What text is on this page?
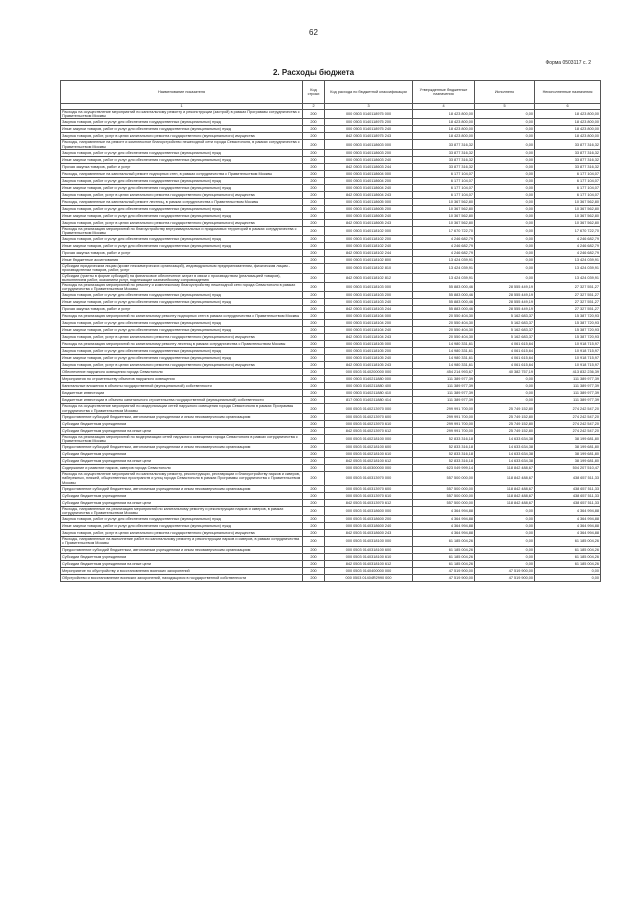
62
Форма 0503117 с. 2
2. Расходы бюджета
Наименование показателя	Код строки	Код расхода по бюджетной классификации	Утвержденные бюджетные назначения	Исполнено	Неисполненные назначения
1	2	3	4	5	6
Расходы на осуществление мероприятий по капитальному ремонту и реконструкции (застрой) в рамках Программы сотрудничества с Правительством Москвы	200	000 0503 0140118975 000	18 423 800,00	0,00	18 423 800,00
Закупка товаров, работ и услуг для обеспечения государственных (муниципальных) нужд	200	000 0503 0140118975 200	18 423 800,00	0,00	18 423 800,00
Иные закупки товаров, работ и услуг для обеспечения государственных (муниципальных) нужд	200	000 0503 0140118975 240	18 423 800,00	0,00	18 423 800,00
Закупка товаров, работ, услуг в целях капитального ремонта государственного (муниципального) имущества	200	842 0503 0140118975 243	18 423 800,00	0,00	18 423 800,00
Расходы, направленные на ремонт и комплексное благоустройство пешеходной сети города Севастополя, в рамках сотрудничества с Правительством Москвы	200	000 0503 0140118603 000	33 877 316,32	0,00	33 877 316,32
Закупка товаров, работ и услуг для обеспечения государственных (муниципальных) нужд	200	000 0503 0140118603 200	33 877 316,32	0,00	33 877 316,32
Иные закупки товаров, работ и услуг для обеспечения государственных (муниципальных) нужд	200	000 0503 0140118603 240	33 877 316,32	0,00	33 877 316,32
Прочая закупка товаров, работ и услуг	200	842 0503 0140118603 244	33 877 316,32	0,00	33 877 316,32
Расходы, направленные на капитальный ремонт подпорных стен, в рамках сотрудничества с Правительством Москвы	200	000 0503 0140118604 000	6 177 104,07	0,00	6 177 104,07
Закупка товаров, работ и услуг для обеспечения государственных (муниципальных) нужд	200	000 0503 0140118604 200	6 177 104,07	0,00	6 177 104,07
Иные закупки товаров, работ и услуг для обеспечения государственных (муниципальных) нужд	200	000 0503 0140118604 240	6 177 104,07	0,00	6 177 104,07
Закупка товаров, работ, услуг в целях капитального ремонта государственного (муниципального) имущества	200	842 0503 0140118604 243	6 177 104,07	0,00	6 177 104,07
Расходы, направленные на капитальный ремонт лестниц, в рамках сотрудничества с Правительством Москвы	200	000 0503 0140118605 000	10 367 562,80	0,00	10 367 562,80
Закупка товаров, работ и услуг для обеспечения государственных (муниципальных) нужд	200	000 0503 0140118605 200	10 367 562,80	0,00	10 367 562,80
Иные закупки товаров, работ и услуг для обеспечения государственных (муниципальных) нужд	200	000 0503 0140118605 240	10 367 562,80	0,00	10 367 562,80
Закупка товаров, работ, услуг в целях капитального ремонта государственного (муниципального) имущества	200	842 0503 0140118605 243	10 367 562,80	0,00	10 367 562,80
Расходы на реализацию мероприятий по благоустройству внутриквартальных и придомовых территорий в рамках сотрудничества с Правительством Москвы	200	000 0503 0140118102 000	17 670 722,70	0,00	17 670 722,70
Закупка товаров, работ и услуг для обеспечения государственных (муниципальных) нужд	200	000 0503 0140118102 200	4 246 682,79	0,00	4 246 682,79
Иные закупки товаров, работ и услуг для обеспечения государственных (муниципальных) нужд	200	000 0503 0140118102 240	4 246 682,79	0,00	4 246 682,79
Прочая закупка товаров, работ и услуг	200	842 0503 0140118102 244	4 246 682,79	0,00	4 246 682,79
Иные бюджетные ассигнования	200	000 0503 0140118102 800	13 424 039,91	0,00	13 424 039,91
Субсидии юридическим лицам (кроме некоммерческих организаций), индивидуальным предпринимателям, физическим лицам - производителям товаров, работ, услуг	200	000 0503 0140118102 810	13 424 039,91	0,00	13 424 039,91
Субсидии (гранты в форме субсидий) на финансовое обеспечение затрат в связи с производством (реализацией товаров), выполнением работ, оказанием услуг, подлежащие казначейскому сопровождению	200	842 0503 0140118102 812	13 424 039,91	0,00	13 424 039,91
Расходы на реализацию мероприятий по ремонту и комплексному благоустройству пешеходной сети города Севастополя в рамках сотрудничества с Правительством Москвы	200	000 0503 0140118103 000	55 883 000,46	28 555 449,19	27 327 551,27
Закупка товаров, работ и услуг для обеспечения государственных (муниципальных) нужд	200	000 0503 0140118103 200	55 883 000,46	28 555 449,19	27 327 551,27
Иные закупки товаров, работ и услуг для обеспечения государственных (муниципальных) нужд	200	000 0503 0140118103 240	55 883 000,46	28 555 449,19	27 327 551,27
Прочая закупка товаров, работ и услуг	200	842 0503 0140118103 244	55 883 000,46	28 555 449,19	27 327 551,27
Расходы на реализацию мероприятий по капитальному ремонту подпорных стен в рамках сотрудничества с Правительством Москвы	200	000 0503 0140118104 000	20 550 404,30	5 162 683,37	15 387 720,93
Закупка товаров, работ и услуг для обеспечения государственных (муниципальных) нужд	200	000 0503 0140118104 200	20 550 404,30	5 162 683,37	15 387 720,93
Иные закупки товаров, работ и услуг для обеспечения государственных (муниципальных) нужд	200	000 0503 0140118104 240	20 550 404,30	5 162 683,37	15 387 720,93
Закупка товаров, работ, услуг в целях капитального ремонта государственного (муниципального) имущества	200	842 0503 0140118104 243	20 550 404,30	5 162 683,37	15 387 720,93
Расходы на реализацию мероприятий по капитальному ремонту лестниц в рамках сотрудничества с Правительством Москвы	200	000 0503 0140118105 000	14 980 331,61	4 061 615,64	10 918 715,97
Закупка товаров, работ и услуг для обеспечения государственных (муниципальных) нужд	200	000 0503 0140118105 200	14 980 331,61	4 061 615,64	10 918 715,97
Иные закупки товаров, работ и услуг для обеспечения государственных (муниципальных) нужд	200	000 0503 0140118105 240	14 980 331,61	4 061 615,64	10 918 715,97
Закупка товаров, работ, услуг в целях капитального ремонта государственного (муниципального) имущества	200	842 0503 0140118105 243	14 980 331,61	4 061 615,64	10 918 715,97
Обеспечение наружного освещения города Севастополя	200	000 0503 0140200000 000	454 214 993,67	40 382 757,19	413 832 236,39
Мероприятия по строительству объектов наружного освещения	200	000 0503 0140211880 000	111 389 977,39	0,00	111 389 977,39
Капитальные вложения в объекты государственной (муниципальной) собственности	200	000 0503 0140211880 400	111 389 977,39	0,00	111 389 977,39
Бюджетные инвестиции	200	000 0503 0140211880 410	111 389 977,39	0,00	111 389 977,39
Бюджетные инвестиции в объекты капитального строительства государственной (муниципальной) собственности	200	817 0503 0140211880 414	111 389 977,39	0,00	111 389 977,39
Расходы на осуществление мероприятий по модернизации сетей наружного освещения города Севастополя в рамках Программы сотрудничества с Правительством Москвы	200	000 0503 0140213970 000	299 991 700,00	25 749 152,80	274 242 547,20
Предоставление субсидий бюджетным, автономным учреждениям и иным некоммерческим организациям	200	000 0503 0140213970 600	299 991 700,00	25 749 152,80	274 242 547,20
Субсидии бюджетным учреждениям	200	000 0503 0140213970 610	299 991 700,00	25 749 152,80	274 242 547,20
Субсидии бюджетным учреждениям на иные цели	200	842 0503 0140213970 612	299 991 700,00	25 749 152,80	274 242 547,20
Расходы на реализацию мероприятий по модернизации сетей наружного освещения города Севастополя в рамках сотрудничества с Правительством Москвы	200	000 0503 0140218100 000	52 833 316,18	14 633 634,38	38 199 681,80
Предоставление субсидий бюджетным, автономным учреждениям и иным некоммерческим организациям	200	000 0503 0140218100 600	52 833 316,18	14 633 634,38	38 199 681,80
Субсидии бюджетным учреждениям	200	000 0503 0140218100 610	52 833 316,18	14 633 634,38	38 199 681,80
Субсидии бюджетным учреждениям на иные цели	200	842 0503 0140218100 612	52 833 316,18	14 633 634,38	38 199 681,80
Содержание и развитие парков, скверов города Севастополя	200	000 0503 0140300000 000	623 049 999,14	118 842 488,67	504 207 510,47
Расходы на осуществление мероприятий по капитальному ремонту, реконструкции, реставрации и благоустройству парков и скверов, набережных, пляжей, общественных пространств и улиц города Севастополя в рамках Программы сотрудничества с Правительством Москвы	200	000 0503 0140313970 000	557 500 000,00	118 842 488,67	438 657 511,33
Предоставление субсидий бюджетным, автономным учреждениям и иным некоммерческим организациям	200	000 0503 0140313970 600	557 500 000,00	118 842 488,67	438 657 511,33
Субсидии бюджетным учреждениям	200	000 0503 0140313970 610	557 500 000,00	118 842 488,67	438 657 511,33
Субсидии бюджетным учреждениям на иные цели	200	842 0503 0140313970 612	557 500 000,00	118 842 488,67	438 657 511,33
Расходы, направленные на реализацию мероприятий по капитальному ремонту и реконструкции парков и скверов, в рамках сотрудничества с Правительством Москвы	200	000 0503 0140318600 000	4 364 994,88	0,00	4 364 994,88
Закупка товаров, работ и услуг для обеспечения государственных (муниципальных) нужд	200	000 0503 0140318600 200	4 364 994,88	0,00	4 364 994,88
Иные закупки товаров, работ и услуг для обеспечения государственных (муниципальных) нужд	200	000 0503 0140318600 240	4 364 994,88	0,00	4 364 994,88
Закупка товаров, работ, услуг в целях капитального ремонта государственного (муниципального) имущества	200	842 0503 0140318600 243	4 364 994,88	0,00	4 364 994,88
Расходы, направленные на выполнение работ по капитальному ремонту и реконструкции парков и скверов, в рамках сотрудничества с Правительством Москвы	200	000 0503 0140318100 000	61 185 004,26	0,00	61 185 004,26
Предоставление субсидий бюджетным, автономным учреждениям и иным некоммерческим организациям	200	000 0503 0140318100 600	61 185 004,26	0,00	61 185 004,26
Субсидии бюджетным учреждениям	200	000 0503 0140318100 610	61 185 004,26	0,00	61 185 004,26
Субсидии бюджетным учреждениям на иные цели	200	842 0503 0140318100 612	61 185 004,26	0,00	61 185 004,26
Мероприятие по обустройству и восстановлению воинских захоронений	200	000 0503 0140400000 000	47 519 900,00	47 519 900,00	0,00
Обустройство и восстановление воинских захоронений, находящихся в государственной собственности	200	000 0503 01404R2990 000	47 519 900,00	47 519 900,00	0,00
